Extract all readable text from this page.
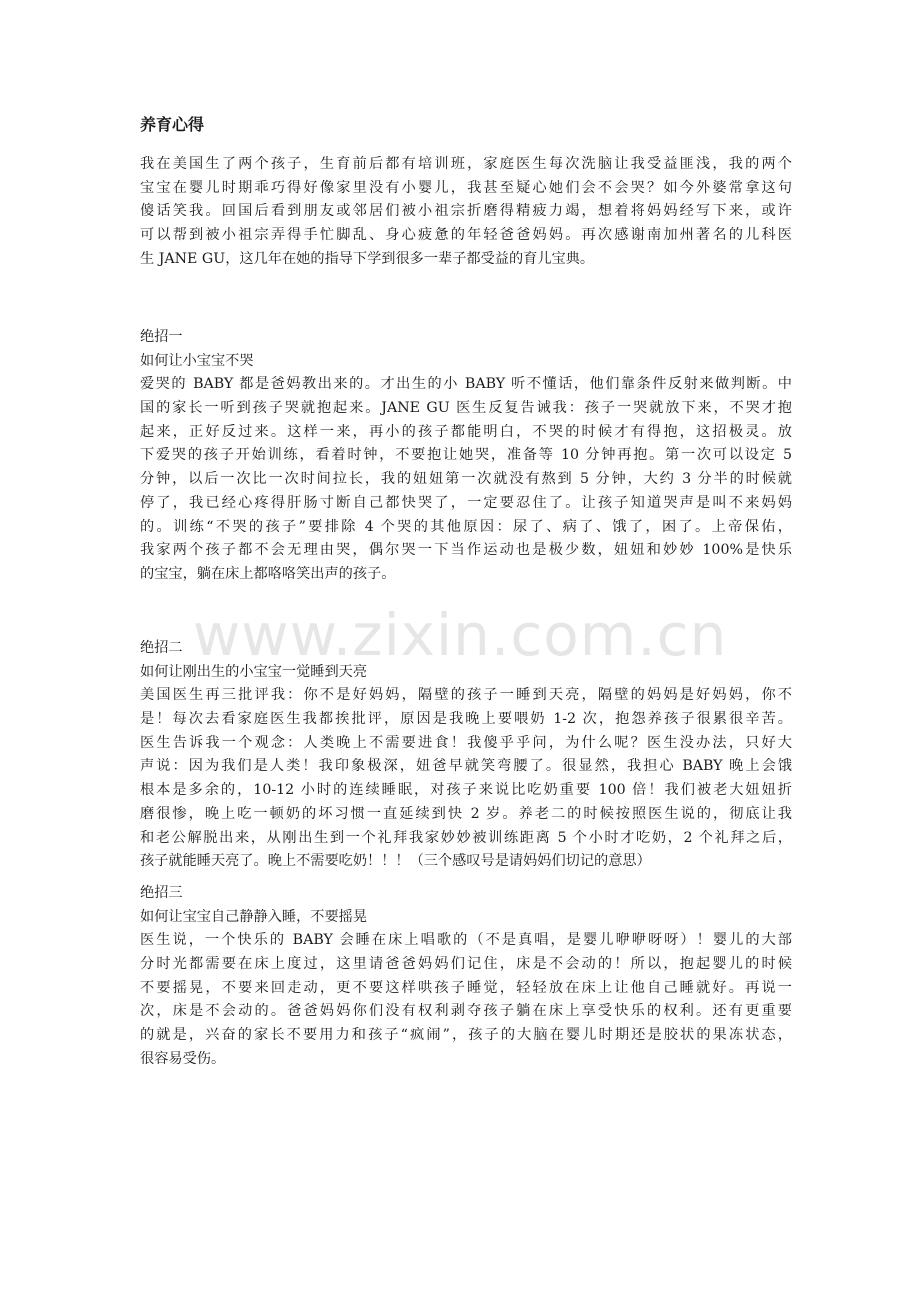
www.zixin.com.cn
养育心得
我在美国生了两个孩子，生育前后都有培训班，家庭医生每次洗脑让我受益匪浅，我的两个
宝宝在婴儿时期乖巧得好像家里没有小婴儿，我甚至疑心她们会不会哭？如今外婆常拿这句
傻话笑我。回国后看到朋友或邻居们被小祖宗折磨得精疲力竭，想着将妈妈经写下来，或许
可以帮到被小祖宗弄得手忙脚乱、身心疲惫的年轻爸爸妈妈。再次感谢南加州著名的儿科医
生 JANE GU，这几年在她的指导下学到很多一辈子都受益的育儿宝典。
绝招一
如何让小宝宝不哭
爱哭的 BABY 都是爸妈教出来的。才出生的小 BABY 听不懂话，他们靠条件反射来做判断。中
国的家长一听到孩子哭就抱起来。JANE GU 医生反复告诫我：孩子一哭就放下来，不哭才抱
起来，正好反过来。这样一来，再小的孩子都能明白，不哭的时候才有得抱，这招极灵。放
下爱哭的孩子开始训练，看着时钟，不要抱让她哭，准备等 10 分钟再抱。第一次可以设定 5
分钟，以后一次比一次时间拉长，我的妞妞第一次就没有熬到 5 分钟，大约 3 分半的时候就
停了，我已经心疼得肝肠寸断自己都快哭了，一定要忍住了。让孩子知道哭声是叫不来妈妈
的。训练“不哭的孩子”要排除 4 个哭的其他原因：尿了、病了、饿了，困了。上帝保佑，
我家两个孩子都不会无理由哭，偶尔哭一下当作运动也是极少数，妞妞和妙妙 100%是快乐
的宝宝，躺在床上都咯咯笑出声的孩子。
绝招二
如何让刚出生的小宝宝一觉睡到天亮
美国医生再三批评我：你不是好妈妈，隔壁的孩子一睡到天亮，隔壁的妈妈是好妈妈，你不
是！每次去看家庭医生我都挨批评，原因是我晚上要喂奶 1-2 次，抱怨养孩子很累很辛苦。
医生告诉我一个观念：人类晚上不需要进食！我傻乎乎问，为什么呢？医生没办法，只好大
声说：因为我们是人类！我印象极深，妞爸早就笑弯腰了。很显然，我担心 BABY 晚上会饿
根本是多余的，10-12 小时的连续睡眠，对孩子来说比吃奶重要 100 倍！我们被老大妞妞折
磨很惨，晚上吃一顿奶的坏习惯一直延续到快 2 岁。养老二的时候按照医生说的，彻底让我
和老公解脱出来，从刚出生到一个礼拜我家妙妙被训练距离 5 个小时才吃奶，2 个礼拜之后，
孩子就能睡天亮了。晚上不需要吃奶！！！（三个感叹号是请妈妈们切记的意思）
绝招三
如何让宝宝自己静静入睡，不要摇晃
医生说，一个快乐的 BABY 会睡在床上唱歌的（不是真唱，是婴儿咿咿呀呀）！婴儿的大部
分时光都需要在床上度过，这里请爸爸妈妈们记住，床是不会动的！所以，抱起婴儿的时候
不要摇晃，不要来回走动，更不要这样哄孩子睡觉，轻轻放在床上让他自己睡就好。再说一
次，床是不会动的。爸爸妈妈你们没有权利剥夺孩子躺在床上享受快乐的权利。还有更重要
的就是，兴奋的家长不要用力和孩子“疯闹”，孩子的大脑在婴儿时期还是胶状的果冻状态，
很容易受伤。
